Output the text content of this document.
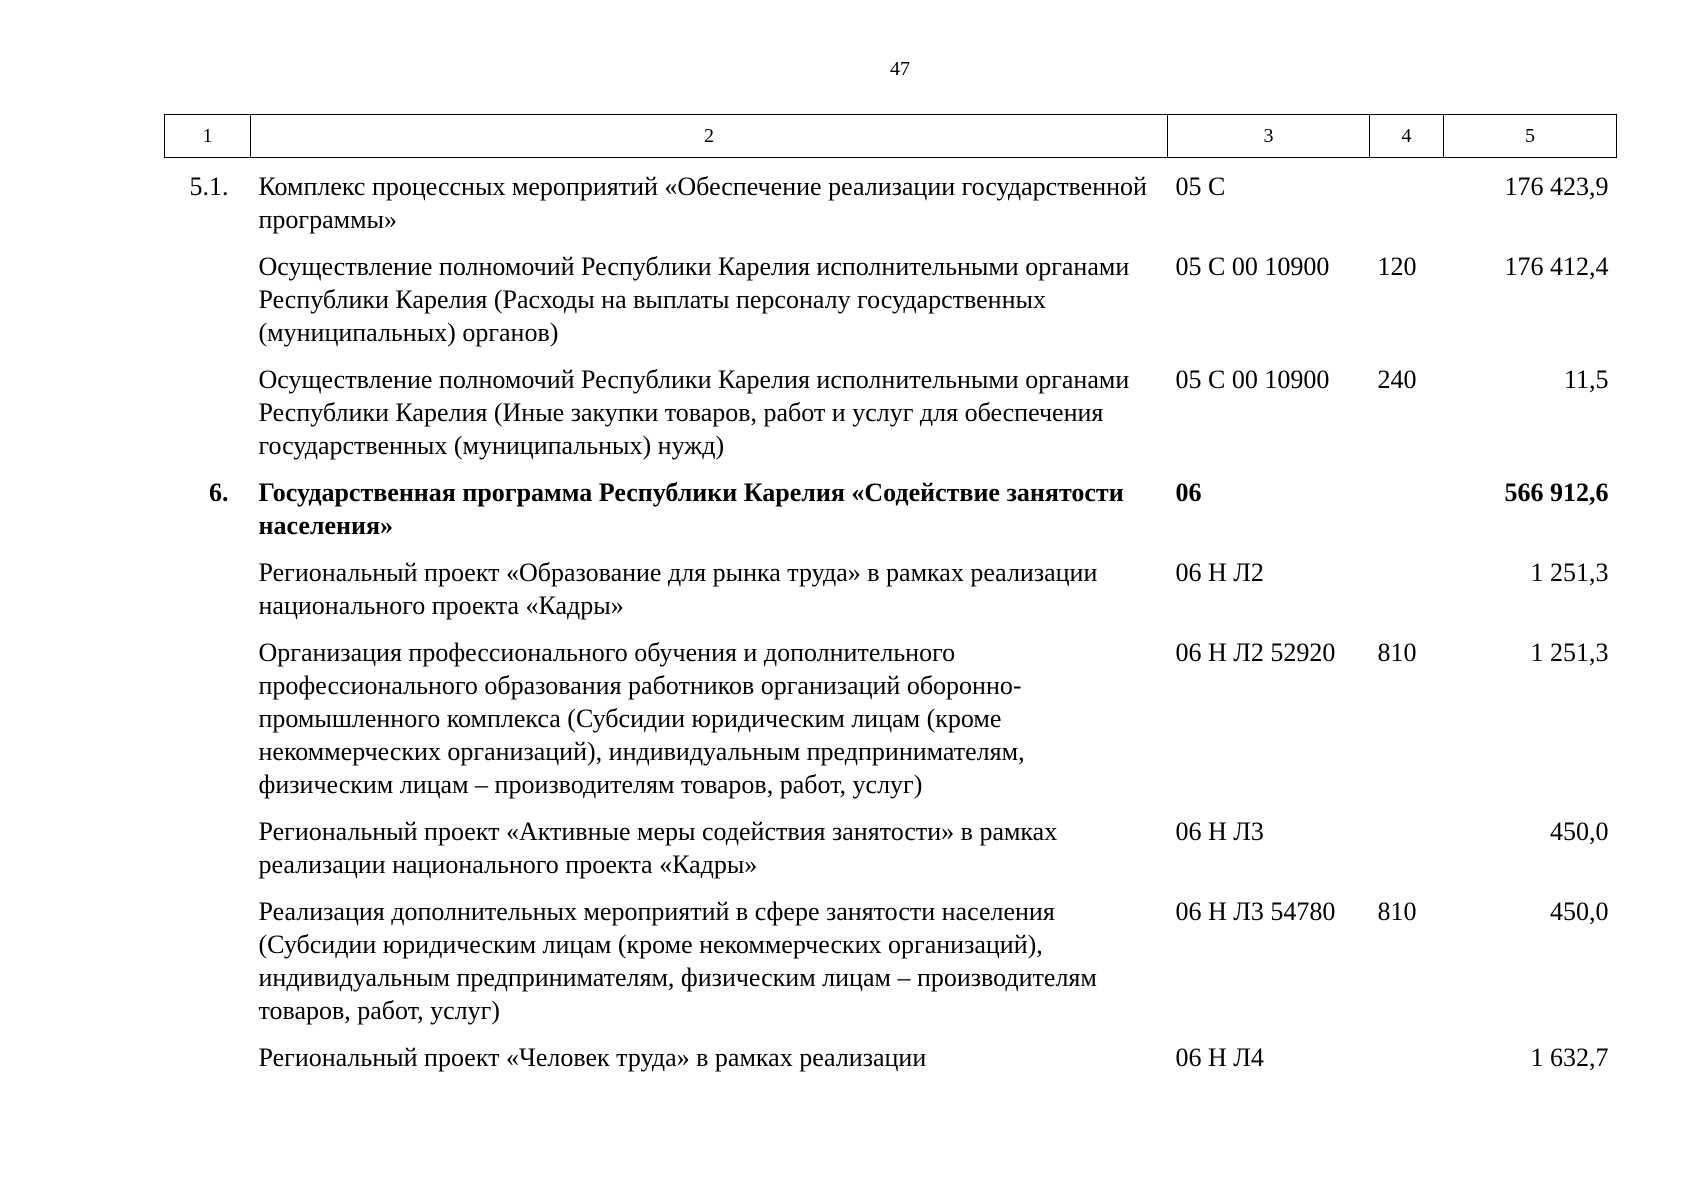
47
1	2	3	4	5
5.1.	Комплекс процессных мероприятий «Обеспечение реализации государственной программы»	05 С		176 423,9
	Осуществление полномочий Республики Карелия исполнительными органами Республики Карелия (Расходы на выплаты персоналу государственных (муниципальных) органов)	05 С 00 10900	120	176 412,4
	Осуществление полномочий Республики Карелия исполнительными органами Республики Карелия (Иные закупки товаров, работ и услуг для обеспечения государственных (муниципальных) нужд)	05 С 00 10900	240	11,5
6.	Государственная программа Республики Карелия «Содействие занятости населения»	06		566 912,6
	Региональный проект «Образование для рынка труда» в рамках реализации национального проекта «Кадры»	06 Н Л2		1 251,3
	Организация профессионального обучения и дополнительного профессионального образования работников организаций оборонно-промышленного комплекса (Субсидии юридическим лицам (кроме некоммерческих организаций), индивидуальным предпринимателям, физическим лицам – производителям товаров, работ, услуг)	06 Н Л2 52920	810	1 251,3
	Региональный проект «Активные меры содействия занятости» в рамках реализации национального проекта «Кадры»	06 Н Л3		450,0
	Реализация дополнительных мероприятий в сфере занятости населения (Субсидии юридическим лицам (кроме некоммерческих организаций), индивидуальным предпринимателям, физическим лицам – производителям товаров, работ, услуг)	06 Н Л3 54780	810	450,0
	Региональный проект «Человек труда» в рамках реализации	06 Н Л4		1 632,7
